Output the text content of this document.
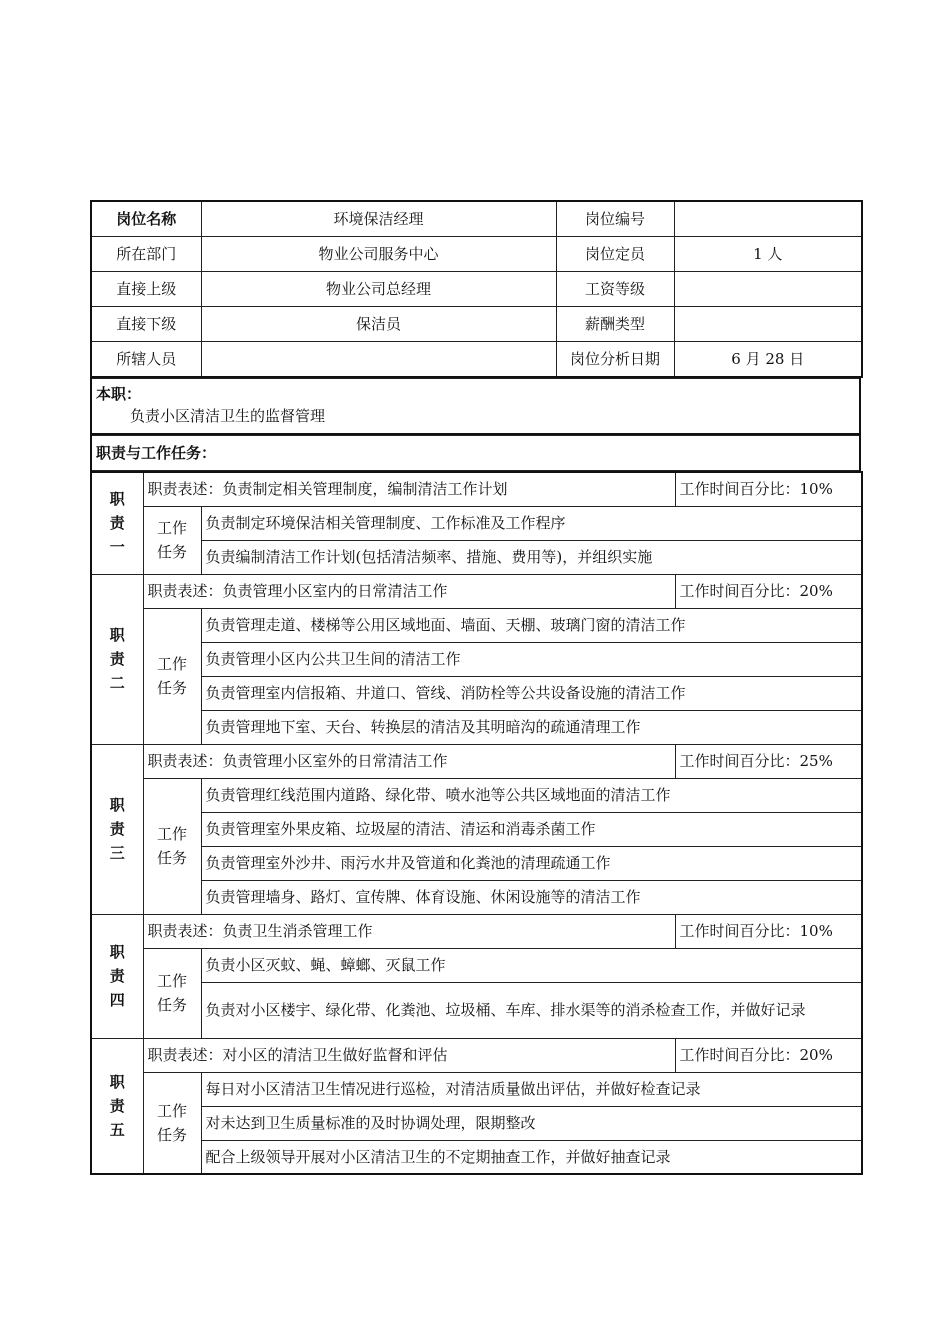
岗位名称	环境保洁经理	岗位编号	
所在部门	物业公司服务中心	岗位定员	1 人
直接上级	物业公司总经理	工资等级	
直接下级	保洁员	薪酬类型	
所辖人员		岗位分析日期	6 月 28 日
本职：
负责小区清洁卫生的监督管理
职责与工作任务：
职责一	职责表述：负责制定相关管理制度，编制清洁工作计划		工作时间百分比：10%
	工作任务	负责制定环境保洁相关管理制度、工作标准及工作程序	
		负责编制清洁工作计划(包括清洁频率、措施、费用等)，并组织实施	
职责二	职责表述：负责管理小区室内的日常清洁工作		工作时间百分比：20%
	工作任务	负责管理走道、楼梯等公用区域地面、墙面、天棚、玻璃门窗的清洁工作	
		负责管理小区内公共卫生间的清洁工作	
		负责管理室内信报箱、井道口、管线、消防栓等公共设备设施的清洁工作	
		负责管理地下室、天台、转换层的清洁及其明暗沟的疏通清理工作	
职责三	职责表述：负责管理小区室外的日常清洁工作		工作时间百分比：25%
	工作任务	负责管理红线范围内道路、绿化带、喷水池等公共区域地面的清洁工作	
		负责管理室外果皮箱、垃圾屋的清洁、清运和消毒杀菌工作	
		负责管理室外沙井、雨污水井及管道和化粪池的清理疏通工作	
		负责管理墙身、路灯、宣传牌、体育设施、休闲设施等的清洁工作	
职责四	职责表述：负责卫生消杀管理工作		工作时间百分比：10%
	工作任务	负责小区灭蚊、蝇、蟑螂、灭鼠工作	
		负责对小区楼宇、绿化带、化粪池、垃圾桶、车库、排水渠等的消杀检查工作，并做好记录	
职责五	职责表述：对小区的清洁卫生做好监督和评估		工作时间百分比：20%
	工作任务	每日对小区清洁卫生情况进行巡检，对清洁质量做出评估，并做好检查记录	
		对未达到卫生质量标准的及时协调处理，限期整改	
		配合上级领导开展对小区清洁卫生的不定期抽查工作，并做好抽查记录	
